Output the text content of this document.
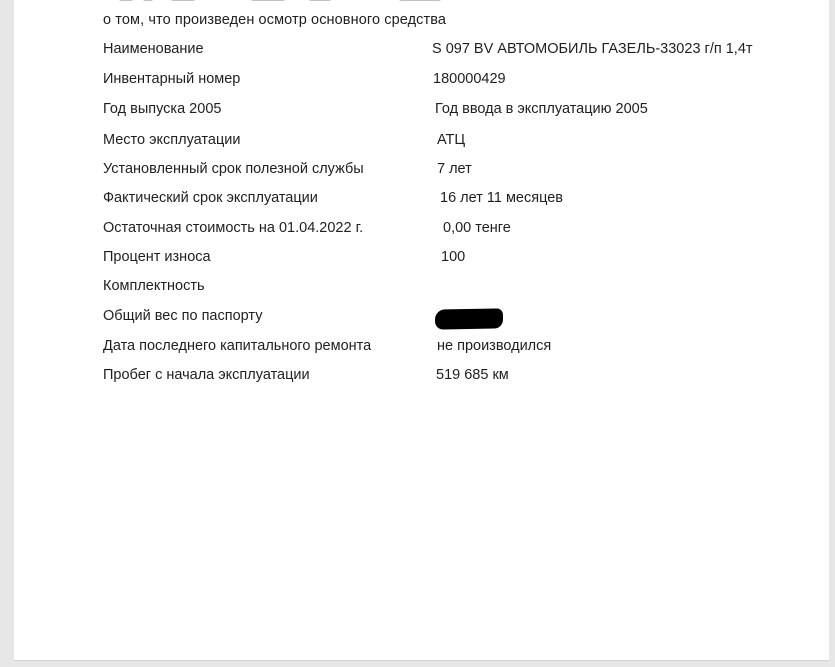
о том, что произведен осмотр основного средства
Наименование	S 097 BV АВТОМОБИЛЬ ГАЗЕЛЬ-33023 г/п 1,4т
Инвентарный номер	180000429
Год выпуска 2005	Год ввода в эксплуатацию 2005
Место эксплуатации	АТЦ
Установленный срок полезной службы	7 лет
Фактический срок эксплуатации	16 лет 11 месяцев
Остаточная стоимость на 01.04.2022 г.	0,00 тенге
Процент износа	100
Комплектность
Общий вес по паспорту
Дата последнего капитального ремонта	не производился
Пробег с начала эксплуатации	519 685 км
